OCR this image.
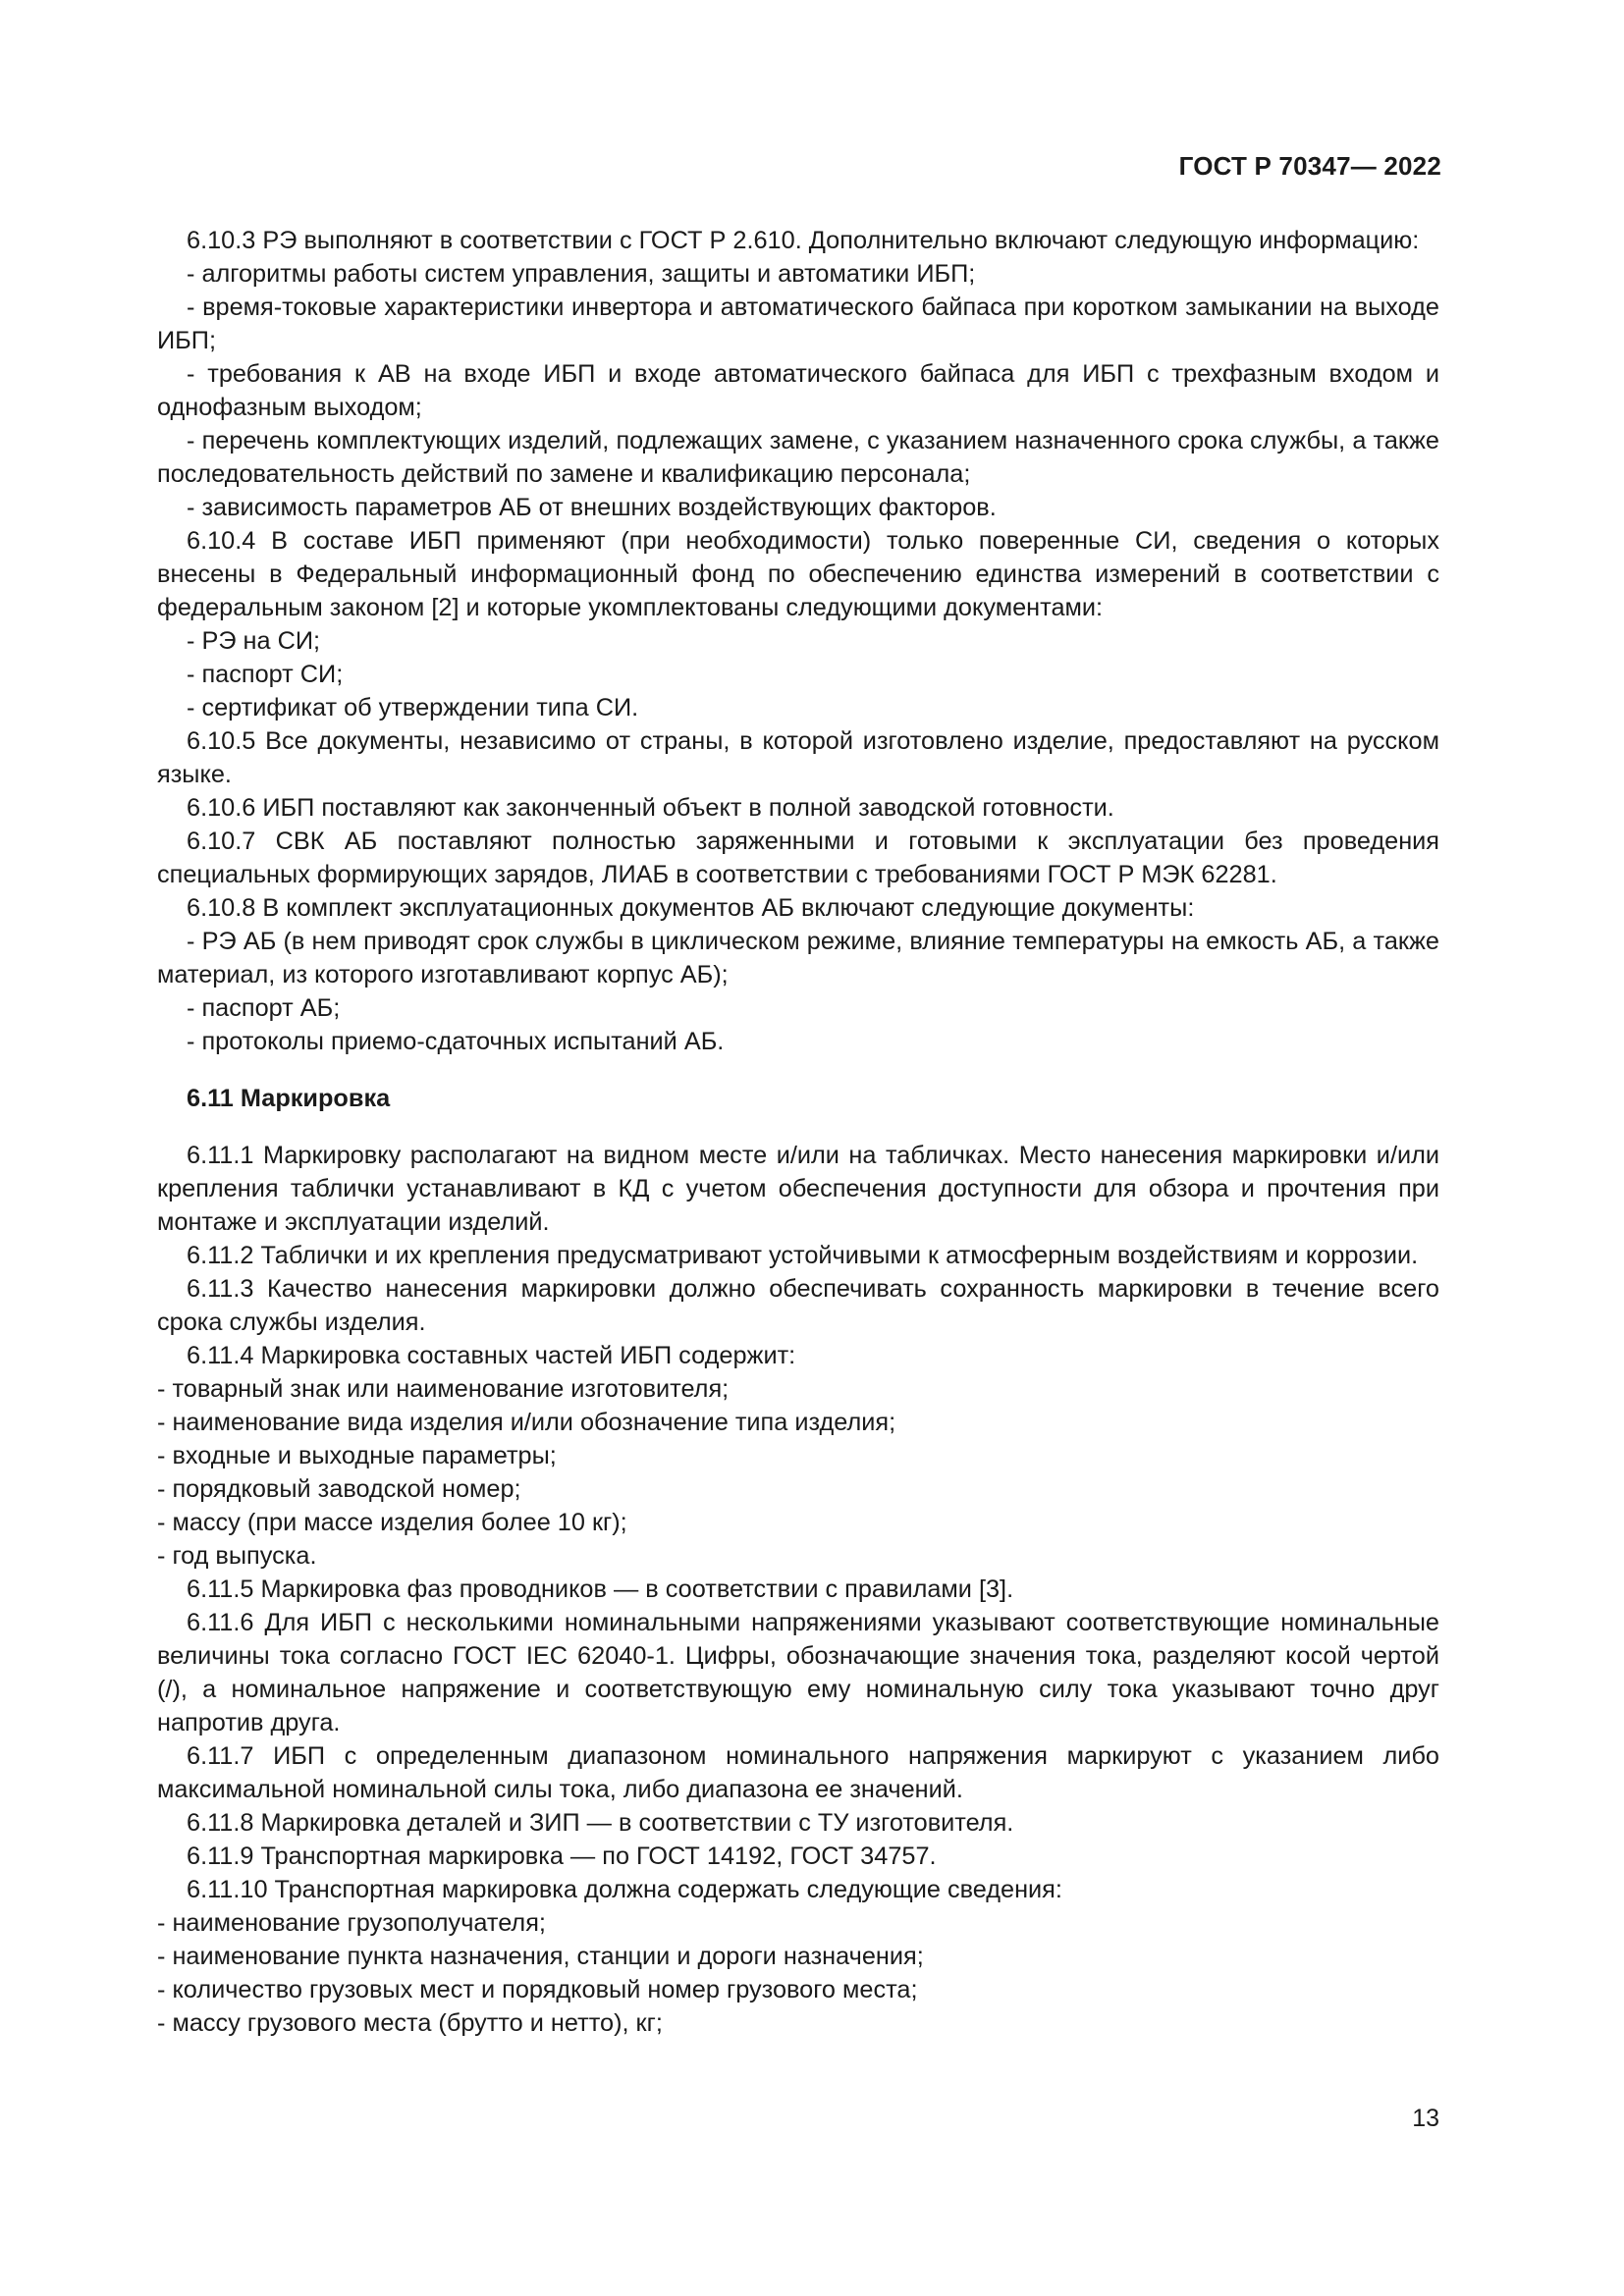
ГОСТ Р 70347— 2022

6.10.3 РЭ выполняют в соответствии с ГОСТ Р 2.610. Дополнительно включают следующую информацию:

- алгоритмы работы систем управления, защиты и автоматики ИБП;

- время-токовые характеристики инвертора и автоматического байпаса при коротком замыкании на выходе ИБП;

- требования к АВ на входе ИБП и входе автоматического байпаса для ИБП с трехфазным входом и однофазным выходом;

- перечень комплектующих изделий, подлежащих замене, с указанием назначенного срока службы, а также последовательность действий по замене и квалификацию персонала;

- зависимость параметров АБ от внешних воздействующих факторов.

6.10.4 В составе ИБП применяют (при необходимости) только поверенные СИ, сведения о которых внесены в Федеральный информационный фонд по обеспечению единства измерений в соответствии с федеральным законом [2] и которые укомплектованы следующими документами:

- РЭ на СИ;

- паспорт СИ;

- сертификат об утверждении типа СИ.

6.10.5 Все документы, независимо от страны, в которой изготовлено изделие, предоставляют на русском языке.

6.10.6 ИБП поставляют как законченный объект в полной заводской готовности.

6.10.7 СВК АБ поставляют полностью заряженными и готовыми к эксплуатации без проведения специальных формирующих зарядов, ЛИАБ в соответствии с требованиями ГОСТ Р МЭК 62281.

6.10.8 В комплект эксплуатационных документов АБ включают следующие документы:

- РЭ АБ (в нем приводят срок службы в циклическом режиме, влияние температуры на емкость АБ, а также материал, из которого изготавливают корпус АБ);

- паспорт АБ;

- протоколы приемо-сдаточных испытаний АБ.

6.11 Маркировка

6.11.1 Маркировку располагают на видном месте и/или на табличках. Место нанесения маркировки и/или крепления таблички устанавливают в КД с учетом обеспечения доступности для обзора и прочтения при монтаже и эксплуатации изделий.

6.11.2 Таблички и их крепления предусматривают устойчивыми к атмосферным воздействиям и коррозии.

6.11.3 Качество нанесения маркировки должно обеспечивать сохранность маркировки в течение всего срока службы изделия.

6.11.4 Маркировка составных частей ИБП содержит:

- товарный знак или наименование изготовителя;

- наименование вида изделия и/или обозначение типа изделия;

- входные и выходные параметры;

- порядковый заводской номер;

- массу (при массе изделия более 10 кг);

- год выпуска.

6.11.5 Маркировка фаз проводников — в соответствии с правилами [3].

6.11.6 Для ИБП с несколькими номинальными напряжениями указывают соответствующие номинальные величины тока согласно ГОСТ IEC 62040-1. Цифры, обозначающие значения тока, разделяют косой чертой (/), а номинальное напряжение и соответствующую ему номинальную силу тока указывают точно друг напротив друга.

6.11.7 ИБП с определенным диапазоном номинального напряжения маркируют с указанием либо максимальной номинальной силы тока, либо диапазона ее значений.

6.11.8 Маркировка деталей и ЗИП — в соответствии с ТУ изготовителя.

6.11.9 Транспортная маркировка — по ГОСТ 14192, ГОСТ 34757.

6.11.10 Транспортная маркировка должна содержать следующие сведения:

- наименование грузополучателя;

- наименование пункта назначения, станции и дороги назначения;

- количество грузовых мест и порядковый номер грузового места;

- массу грузового места (брутто и нетто), кг;

13
